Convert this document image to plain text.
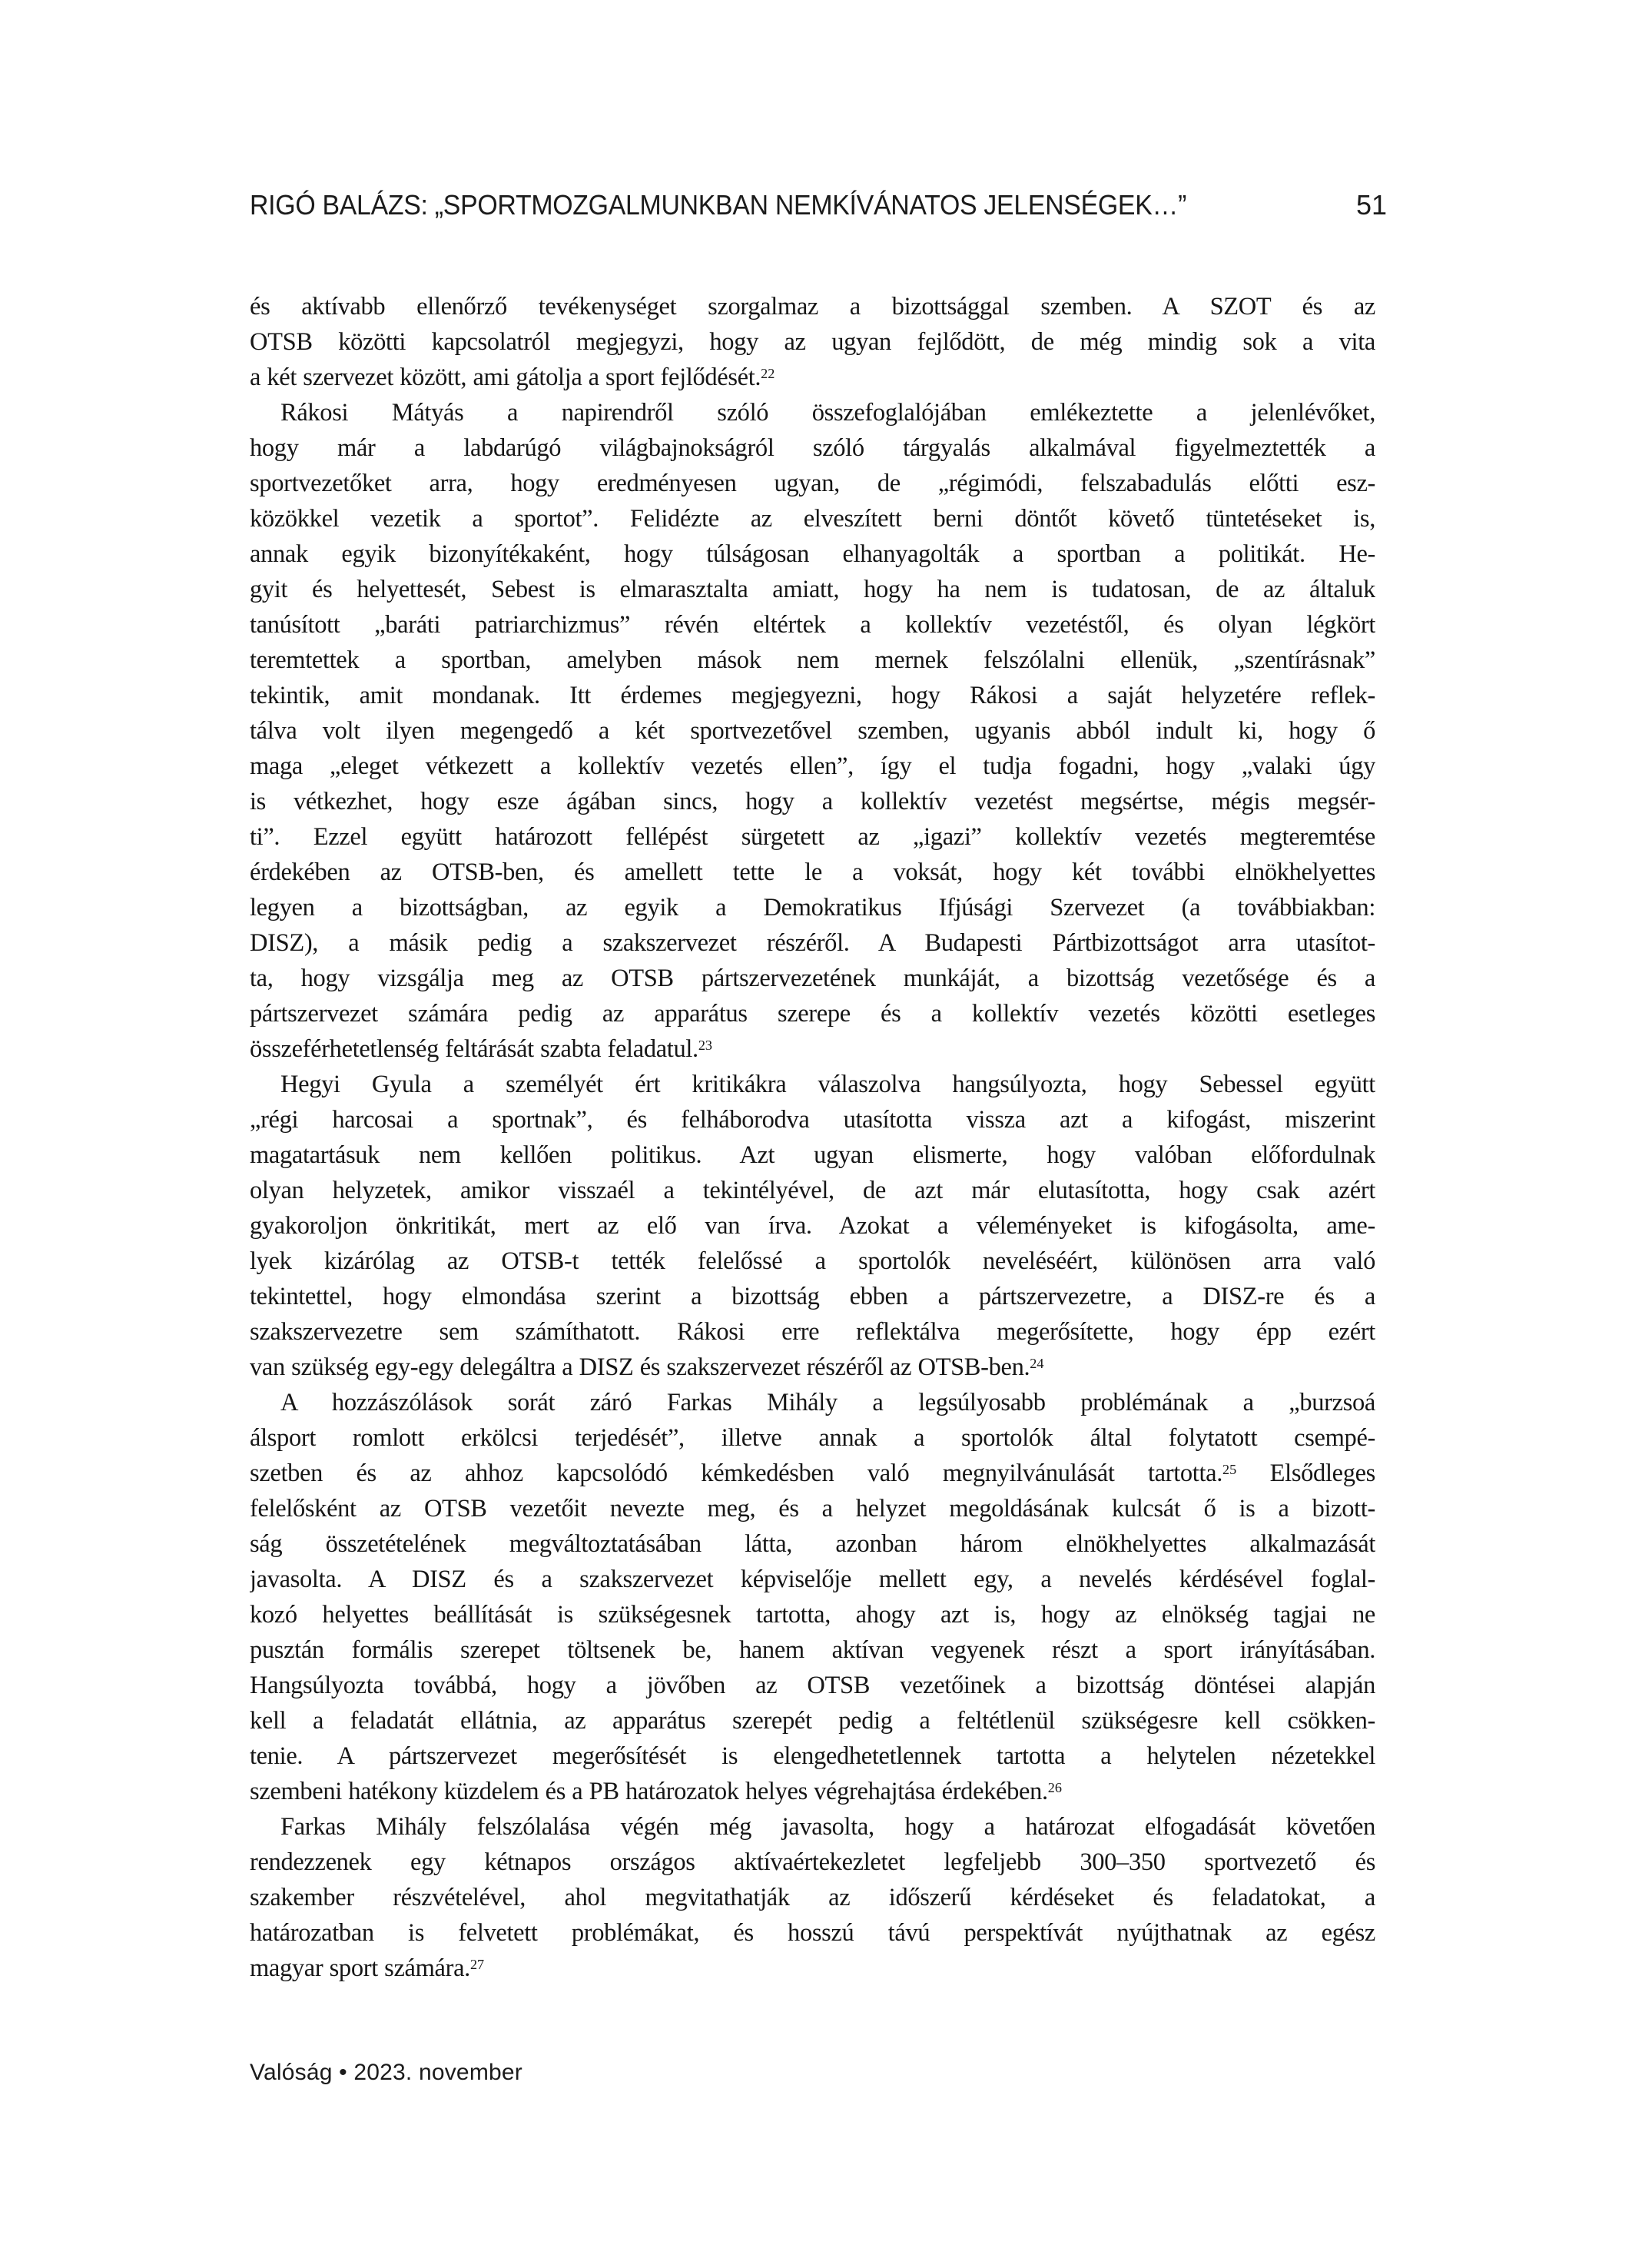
RIGÓ BALÁZS: „SPORTMOZGALMUNKBAN NEMKÍVÁNATOS JELENSÉGEK…”	51
és aktívabb ellenőrző tevékenységet szorgalmaz a bizottsággal szemben. A SZOT és az
OTSB közötti kapcsolatról megjegyzi, hogy az ugyan fejlődött, de még mindig sok a vita
a két szervezet között, ami gátolja a sport fejlődését.$^{22}$
Rákosi Mátyás a napirendről szóló összefoglalójában emlékeztette a jelenlévőket,
hogy már a labdarúgó világbajnokságról szóló tárgyalás alkalmával figyelmeztették a
sportvezetőket arra, hogy eredményesen ugyan, de „régimódi, felszabadulás előtti esz-
közökkel vezetik a sportot”. Felidézte az elveszített berni döntőt követő tüntetéseket is,
annak egyik bizonyítékaként, hogy túlságosan elhanyagolták a sportban a politikát. He-
gyit és helyettesét, Sebest is elmarasztalta amiatt, hogy ha nem is tudatosan, de az általuk
tanúsított „baráti patriarchizmus” révén eltértek a kollektív vezetéstől, és olyan légkört
teremtettek a sportban, amelyben mások nem mernek felszólalni ellenük, „szentírásnak”
tekintik, amit mondanak. Itt érdemes megjegyezni, hogy Rákosi a saját helyzetére reflek-
tálva volt ilyen megengedő a két sportvezetővel szemben, ugyanis abból indult ki, hogy ő
maga „eleget vétkezett a kollektív vezetés ellen”, így el tudja fogadni, hogy „valaki úgy
is vétkezhet, hogy esze ágában sincs, hogy a kollektív vezetést megsértse, mégis megsér-
ti”. Ezzel együtt határozott fellépést sürgetett az „igazi” kollektív vezetés megteremtése
érdekében az OTSB-ben, és amellett tette le a voksát, hogy két további elnökhelyettes
legyen a bizottságban, az egyik a Demokratikus Ifjúsági Szervezet (a továbbiakban:
DISZ), a másik pedig a szakszervezet részéről. A Budapesti Pártbizottságot arra utasítot-
ta, hogy vizsgálja meg az OTSB pártszervezetének munkáját, a bizottság vezetősége és a
pártszervezet számára pedig az apparátus szerepe és a kollektív vezetés közötti esetleges
összeférhetetlenség feltárását szabta feladatul.$^{23}$
Hegyi Gyula a személyét ért kritikákra válaszolva hangsúlyozta, hogy Sebessel együtt
„régi harcosai a sportnak”, és felháborodva utasította vissza azt a kifogást, miszerint
magatartásuk nem kellően politikus. Azt ugyan elismerte, hogy valóban előfordulnak
olyan helyzetek, amikor visszaél a tekintélyével, de azt már elutasította, hogy csak azért
gyakoroljon önkritikát, mert az elő van írva. Azokat a véleményeket is kifogásolta, ame-
lyek kizárólag az OTSB-t tették felelőssé a sportolók neveléséért, különösen arra való
tekintettel, hogy elmondása szerint a bizottság ebben a pártszervezetre, a DISZ-re és a
szakszervezetre sem számíthatott. Rákosi erre reflektálva megerősítette, hogy épp ezért
van szükség egy-egy delegáltra a DISZ és szakszervezet részéről az OTSB-ben.$^{24}$
A hozzászólások sorát záró Farkas Mihály a legsúlyosabb problémának a „burzsoá
álsport romlott erkölcsi terjedését”, illetve annak a sportolók által folytatott csempé-
szetben és az ahhoz kapcsolódó kémkedésben való megnyilvánulását tartotta.$^{25}$ Elsődleges
felelősként az OTSB vezetőit nevezte meg, és a helyzet megoldásának kulcsát ő is a bizott-
ság összetételének megváltoztatásában látta, azonban három elnökhelyettes alkalmazását
javasolta. A DISZ és a szakszervezet képviselője mellett egy, a nevelés kérdésével foglal-
kozó helyettes beállítását is szükségesnek tartotta, ahogy azt is, hogy az elnökség tagjai ne
pusztán formális szerepet töltsenek be, hanem aktívan vegyenek részt a sport irányításában.
Hangsúlyozta továbbá, hogy a jövőben az OTSB vezetőinek a bizottság döntései alapján
kell a feladatát ellátnia, az apparátus szerepét pedig a feltétlenül szükségesre kell csökken-
tenie. A pártszervezet megerősítését is elengedhetetlennek tartotta a helytelen nézetekkel
szembeni hatékony küzdelem és a PB határozatok helyes végrehajtása érdekében.$^{26}$
Farkas Mihály felszólalása végén még javasolta, hogy a határozat elfogadását követően
rendezzenek egy kétnapos országos aktívaértekezletet legfeljebb 300–350 sportvezető és
szakember részvételével, ahol megvitathatják az időszerű kérdéseket és feladatokat, a
határozatban is felvetett problémákat, és hosszú távú perspektívát nyújthatnak az egész
magyar sport számára.$^{27}$
Valóság • 2023. november
